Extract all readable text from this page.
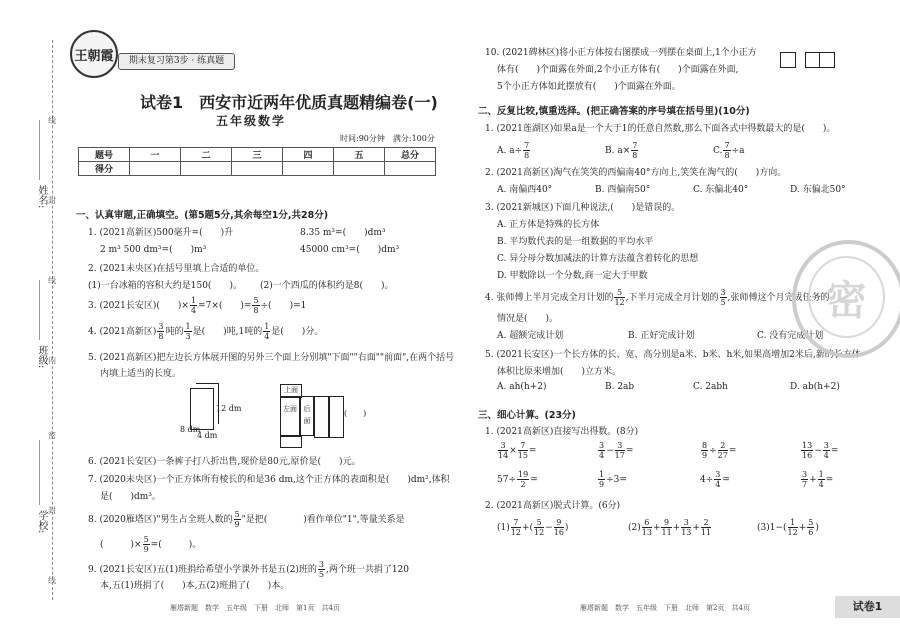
姓名:
班级:
学校:
线
封
线
内
密
封
线
王朝霞	期末复习第3步 · 练真题
试卷1　西安市近两年优质真题精编卷(一)
五年级数学
时间:90分钟　满分:100分
题号	一	二	三	四	五	总分
得分						
一、认真审题,正确填空。(第5题5分,其余每空1分,共28分)
1. (2021高新区)500毫升=(　　)升	8.35 m³=(　　)dm³
2 m³ 500 dm³=(　　)m³	45000 cm³=(　　)dm³
2. (2021未央区)在括号里填上合适的单位。
(1)一台冰箱的容积大约是150(　　)。 (2)一个西瓜的体积约是8(　　)。
3. (2021长安区)(　　)× $\frac{1}{4} =7\times$(　　)= $\frac{5}{8}$ ÷(　　)=1
4. (2021高新区) $\frac{3}{8}$ 吨的 $\frac{1}{3}$ 是(　　)吨,1吨的 $\frac{1}{4}$ 是(　　)分。
5. (2021高新区)把左边长方体展开图的另外三个面上分别填"下面""右面""前面",在两个括号
内填上适当的长度。
12 dm
8 dm
4 dm
上面
左面 后面
(　　)
6. (2021长安区)一条裤子打八折出售,现价是80元,原价是(　　)元。
7. (2020未央区)一个正方体所有棱长的和是36 dm,这个正方体的表面积是(　　)dm²,体积
是(　　)dm³。
8. (2020雁塔区)"男生占全班人数的 $\frac{5}{9}$ "是把(　　　　)看作单位"1",等量关系是
(　　　)× $\frac{5}{9}$ =(　　　)。
9. (2021长安区)五(1)班捐给希望小学课外书是五(2)班的 $\frac{3}{5}$ ,两个班一共捐了120
本,五(1)班捐了(　　)本,五(2)班捐了(　　)本。
10. (2021碑林区)将小正方体按右图摆成一列摆在桌面上,1个小正方
体有(　　)个面露在外面,2个小正方体有(　　)个面露在外面,
5个小正方体如此摆放有(　　)个面露在外面。
二、反复比较,慎重选择。(把正确答案的序号填在括号里)(10分)
1. (2021莲湖区)如果a是一个大于1的任意自然数,那么下面各式中得数最大的是(　　)。
A. $a\div \frac{7}{8}$	B. $a\times \frac{7}{8}$	C. $\frac{7}{8} \div a$
2. (2021高新区)淘气在笑笑的西偏南40°方向上,笑笑在淘气的(　　)方向。
A. 南偏西40°	B. 西偏南50°	C. 东偏北40°	D. 东偏北50°
3. (2021新城区)下面几种说法,(　　)是错误的。
A. 正方体是特殊的长方体
B. 平均数代表的是一组数据的平均水平
C. 异分母分数加减法的计算方法蕴含着转化的思想
D. 甲数除以一个分数,商一定大于甲数
4. 张师傅上半月完成全月计划的 $\frac{5}{12}$ ,下半月完成全月计划的 $\frac{3}{5}$ ,张师傅这个月完成任务的
情况是(　　)。
A. 超额完成计划	B. 正好完成计划	C. 没有完成计划
5. (2021长安区)一个长方体的长、宽、高分别是a米、b米、h米,如果高增加2米后,新的长方体
体积比原来增加(　　)立方米。
A. ah(h+2)	B. 2ab	C. 2abh	D. ab(h+2)
三、细心计算。(23分)
1. (2021高新区)直接写出得数。(8分)
$\frac{3}{14} \times \frac{7}{15}$ =	$\frac{3}{4} - \frac{3}{17}$ =	$\frac{8}{9} \div \frac{2}{27}$ =	$\frac{13}{16} - \frac{3}{4}$ =
$57\div \frac{19}{2}$ =	$\frac{1}{9} \div 3=$	$4\div \frac{3}{4}$ =	$\frac{3}{7} + \frac{1}{4}$ =
2. (2021高新区)脱式计算。(6分)
$(1) \frac{7}{12}$ +( $\frac{5}{12} - \frac{9}{16}$ )	$(2) \frac{6}{13} + \frac{9}{11} + \frac{3}{13} + \frac{2}{11}$	$(3)1-( \frac{1}{12} + \frac{5}{6}$ )
密
雁塔新题　数学　五年级　下册　北师　第1页　共4页	雁塔新题　数学　五年级　下册　北师　第2页　共4页	试卷1
